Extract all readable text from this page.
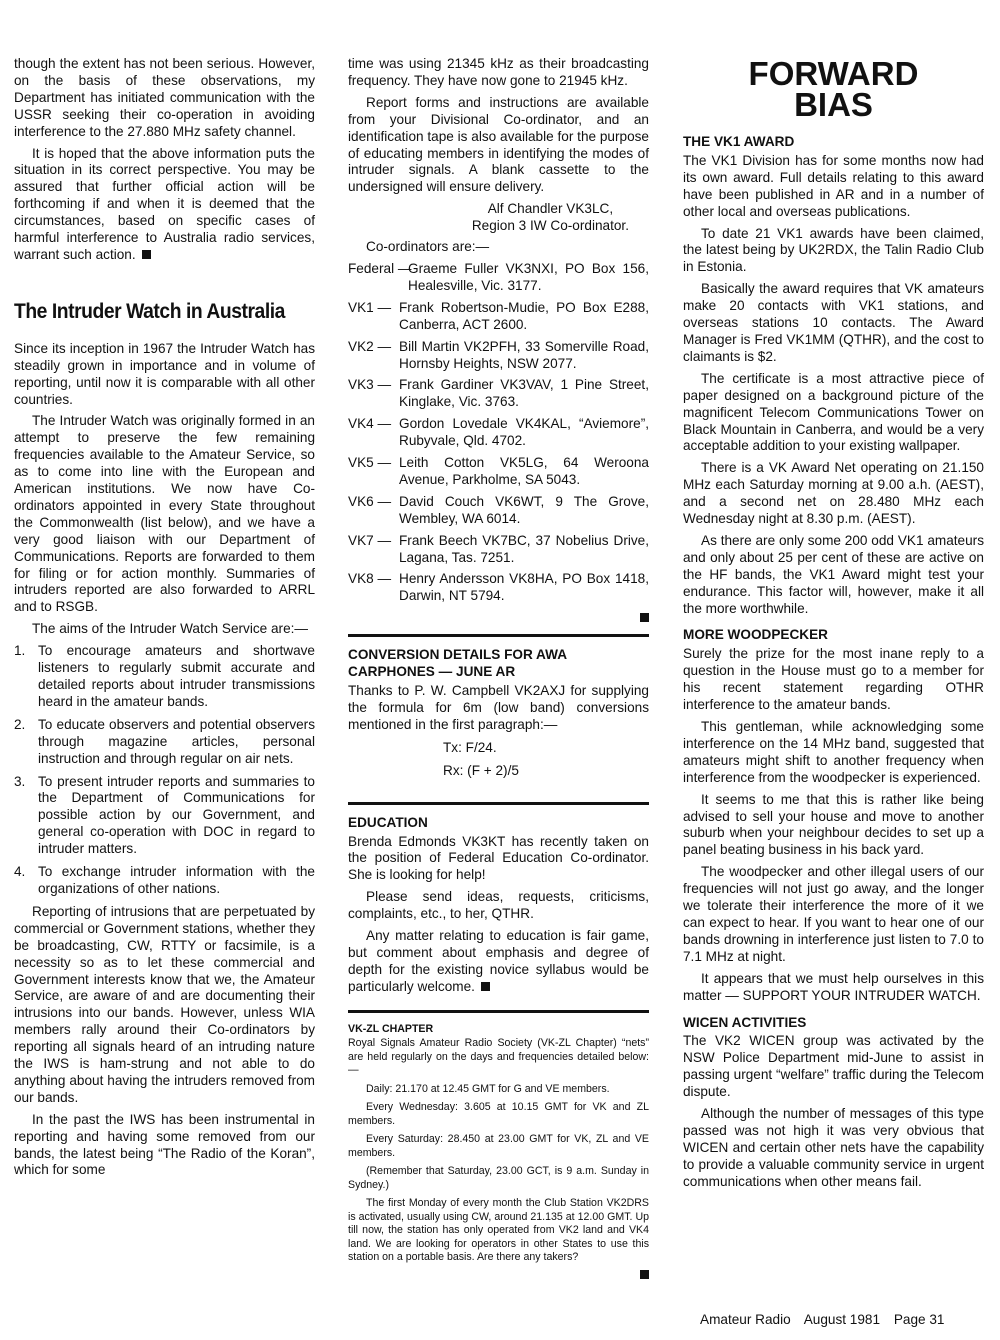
though the extent has not been serious. However, on the basis of these observations, my Department has initiated communication with the USSR seeking their co-operation in avoiding interference to the 27.880 MHz safety channel.

It is hoped that the above information puts the situation in its correct perspective. You may be assured that further official action will be forthcoming if and when it is deemed that the circumstances, based on specific cases of harmful interference to Australia radio services, warrant such action.

The Intruder Watch in Australia

Since its inception in 1967 the Intruder Watch has steadily grown in importance and in volume of reporting, until now it is comparable with all other countries.

The Intruder Watch was originally formed in an attempt to preserve the few remaining frequencies available to the Amateur Service, so as to come into line with the European and American institutions. We now have Co-ordinators appointed in every State throughout the Commonwealth (list below), and we have a very good liaison with our Department of Communications. Reports are forwarded to them for filing or for action monthly. Summaries of intruders reported are also forwarded to ARRL and to RSGB.

The aims of the Intruder Watch Service are:—

1. To encourage amateurs and shortwave listeners to regularly submit accurate and detailed reports about intruder transmissions heard in the amateur bands.
2. To educate observers and potential observers through magazine articles, personal instruction and through regular on air nets.
3. To present intruder reports and summaries to the Department of Communications for possible action by our Government, and general co-operation with DOC in regard to intruder matters.
4. To exchange intruder information with the organizations of other nations.

Reporting of intrusions that are perpetuated by commercial or Government stations, whether they be broadcasting, CW, RTTY or facsimile, is a necessity so as to let these commercial and Government interests know that we, the Amateur Service, are aware of and are documenting their intrusions into our bands. However, unless WIA members rally around their Co-ordinators by reporting all signals heard of an intruding nature the IWS is ham-strung and not able to do anything about having the intruders removed from our bands.

In the past the IWS has been instrumental in reporting and having some removed from our bands, the latest being “The Radio of the Koran”, which for some

time was using 21345 kHz as their broadcasting frequency. They have now gone to 21945 kHz.

Report forms and instructions are available from your Divisional Co-ordinator, and an identification tape is also available for the purpose of educating members in identifying the modes of intruder signals. A blank cassette to the undersigned will ensure delivery.

Alf Chandler VK3LC,
Region 3 IW Co-ordinator.

Co-ordinators are:—

Federal —
Graeme Fuller VK3NXI, PO Box 156, Healesville, Vic. 3177.
VK1 — Frank Robertson-Mudie, PO Box E288, Canberra, ACT 2600.
VK2 — Bill Martin VK2PFH, 33 Somerville Road, Hornsby Heights, NSW 2077.
VK3 — Frank Gardiner VK3VAV, 1 Pine Street, Kinglake, Vic. 3763.
VK4 — Gordon Lovedale VK4KAL, “Aviemore”, Rubyvale, Qld. 4702.
VK5 — Leith Cotton VK5LG, 64 Weroona Avenue, Parkholme, SA 5043.
VK6 — David Couch VK6WT, 9 The Grove, Wembley, WA 6014.
VK7 — Frank Beech VK7BC, 37 Nobelius Drive, Lagana, Tas. 7251.
VK8 — Henry Andersson VK8HA, PO Box 1418, Darwin, NT 5794.
CONVERSION DETAILS FOR AWA CARPHONES — JUNE AR

Thanks to P. W. Campbell VK2AXJ for supplying the formula for 6m (low band) conversions mentioned in the first paragraph:—

Tx: F/24.
Rx: (F + 2)/5
EDUCATION

Brenda Edmonds VK3KT has recently taken on the position of Federal Education Co-ordinator. She is looking for help!

Please send ideas, requests, criticisms, complaints, etc., to her, QTHR.

Any matter relating to education is fair game, but comment about emphasis and degree of depth for the existing novice syllabus would be particularly welcome.

VK-ZL CHAPTER

Royal Signals Amateur Radio Society (VK-ZL Chapter) “nets” are held regularly on the days and frequencies detailed below:—

Daily: 21.170 at 12.45 GMT for G and VE members.

Every Wednesday: 3.605 at 10.15 GMT for VK and ZL members.

Every Saturday: 28.450 at 23.00 GMT for VK, ZL and VE members.

(Remember that Saturday, 23.00 GCT, is 9 a.m. Sunday in Sydney.)

The first Monday of every month the Club Station VK2DRS is activated, usually using CW, around 21.135 at 12.00 GMT. Up till now, the station has only operated from VK2 land and VK4 land. We are looking for operators in other States to use this station on a portable basis. Are there any takers?

FORWARD
BIAS
THE VK1 AWARD

The VK1 Division has for some months now had its own award. Full details relating to this award have been published in AR and in a number of other local and overseas publications.

To date 21 VK1 awards have been claimed, the latest being by UK2RDX, the Talin Radio Club in Estonia.

Basically the award requires that VK amateurs make 20 contacts with VK1 stations, and overseas stations 10 contacts. The Award Manager is Fred VK1MM (QTHR), and the cost to claimants is $2.

The certificate is a most attractive piece of paper designed on a background picture of the magnificent Telecom Communications Tower on Black Mountain in Canberra, and would be a very acceptable addition to your existing wallpaper.

There is a VK Award Net operating on 21.150 MHz each Saturday morning at 9.00 a.h. (AEST), and a second net on 28.480 MHz each Wednesday night at 8.30 p.m. (AEST).

As there are only some 200 odd VK1 amateurs and only about 25 per cent of these are active on the HF bands, the VK1 Award might test your endurance. This factor will, however, make it all the more worthwhile.

MORE WOODPECKER

Surely the prize for the most inane reply to a question in the House must go to a member for his recent statement regarding OTHR interference to the amateur bands.

This gentleman, while acknowledging some interference on the 14 MHz band, suggested that amateurs might shift to another frequency when interference from the woodpecker is experienced.

It seems to me that this is rather like being advised to sell your house and move to another suburb when your neighbour decides to set up a panel beating business in his back yard.

The woodpecker and other illegal users of our frequencies will not just go away, and the longer we tolerate their interference the more of it we can expect to hear. If you want to hear one of our bands drowning in interference just listen to 7.0 to 7.1 MHz at night.

It appears that we must help ourselves in this matter — SUPPORT YOUR INTRUDER WATCH.

WICEN ACTIVITIES

The VK2 WICEN group was activated by the NSW Police Department mid-June to assist in passing urgent “welfare” traffic during the Telecom dispute.

Although the number of messages of this type passed was not high it was very obvious that WICEN and certain other nets have the capability to provide a valuable community service in urgent communications when other means fail.

Amateur Radio August 1981 Page 31
